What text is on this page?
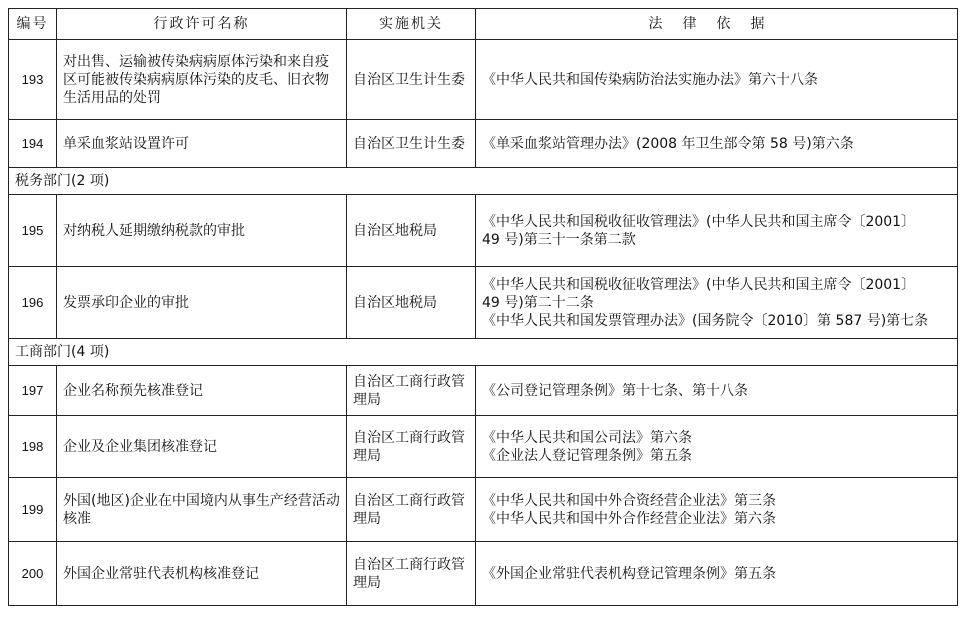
编号	行政许可名称	实施机关	法律依据
193	对出售、运输被传染病病原体污染和来自疫区可能被传染病病原体污染的皮毛、旧衣物生活用品的处罚	自治区卫生计生委	《中华人民共和国传染病防治法实施办法》第六十八条

194	单采血浆站设置许可	自治区卫生计生委	《单采血浆站管理办法》(2008 年卫生部令第 58 号)第六条

税务部门(2 项)			
195	对纳税人延期缴纳税款的审批	自治区地税局	《中华人民共和国税收征收管理法》(中华人民共和国主席令〔2001〕
49 号)第三十一条第二款

196	发票承印企业的审批	自治区地税局	《中华人民共和国税收征收管理法》(中华人民共和国主席令〔2001〕
49 号)第二十二条
《中华人民共和国发票管理办法》(国务院令〔2010〕第 587 号)第七条

工商部门(4 项)			
197	企业名称预先核准登记	自治区工商行政管理局	《公司登记管理条例》第十七条、第十八条

198	企业及企业集团核准登记	自治区工商行政管理局	《中华人民共和国公司法》第六条
《企业法人登记管理条例》第五条

199	外国(地区)企业在中国境内从事生产经营活动核准	自治区工商行政管理局	《中华人民共和国中外合资经营企业法》第三条
《中华人民共和国中外合作经营企业法》第六条

200	外国企业常驻代表机构核准登记	自治区工商行政管理局	《外国企业常驻代表机构登记管理条例》第五条
